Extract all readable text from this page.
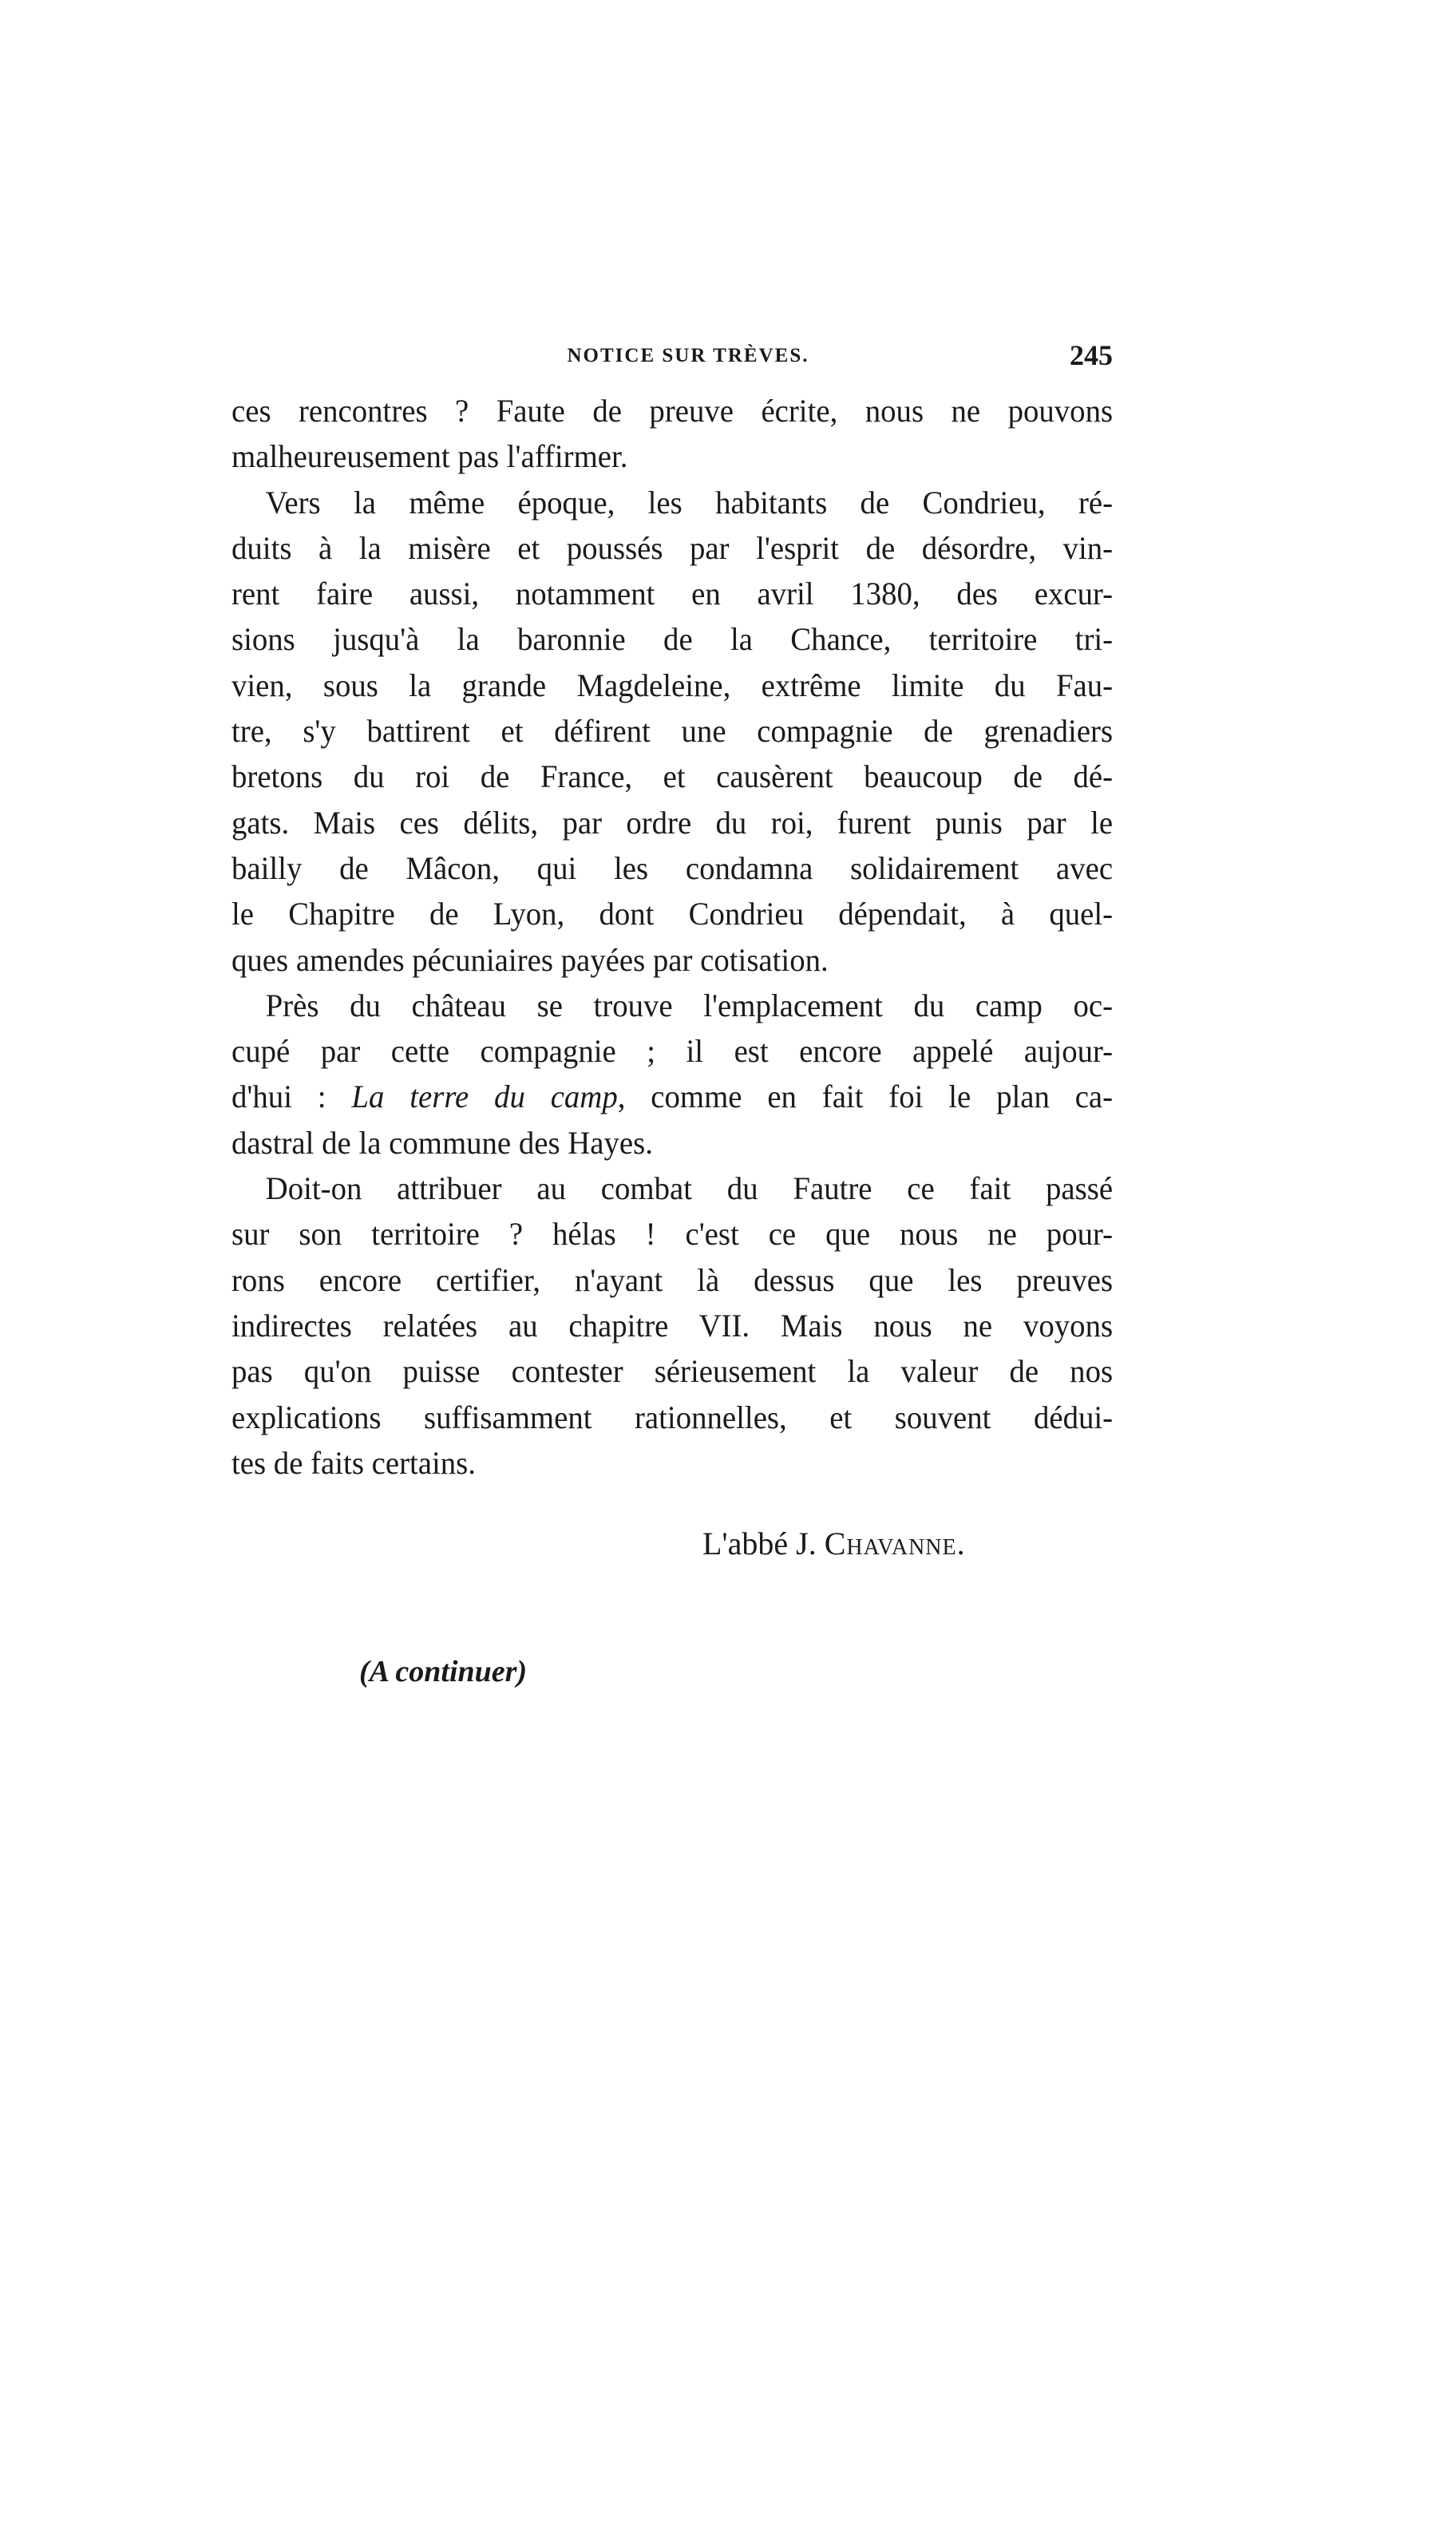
NOTICE SUR TRÈVES.	245
ces rencontres ? Faute de preuve écrite, nous ne pouvons
malheureusement pas l'affirmer.
Vers la même époque, les habitants de Condrieu, ré-
duits à la misère et poussés par l'esprit de désordre, vin-
rent faire aussi, notamment en avril 1380, des excur-
sions jusqu'à la baronnie de la Chance, territoire tri-
vien, sous la grande Magdeleine, extrême limite du Fau-
tre, s'y battirent et défirent une compagnie de grenadiers
bretons du roi de France, et causèrent beaucoup de dé-
gats. Mais ces délits, par ordre du roi, furent punis par le
bailly de Mâcon, qui les condamna solidairement avec
le Chapitre de Lyon, dont Condrieu dépendait, à quel-
ques amendes pécuniaires payées par cotisation.
Près du château se trouve l'emplacement du camp oc-
cupé par cette compagnie ; il est encore appelé aujour-
d'hui : La terre du camp, comme en fait foi le plan ca-
dastral de la commune des Hayes.
Doit-on attribuer au combat du Fautre ce fait passé
sur son territoire ? hélas ! c'est ce que nous ne pour-
rons encore certifier, n'ayant là dessus que les preuves
indirectes relatées au chapitre VII. Mais nous ne voyons
pas qu'on puisse contester sérieusement la valeur de nos
explications suffisamment rationnelles, et souvent dédui-
tes de faits certains.
L'abbé J. Chavanne.
(A continuer)
